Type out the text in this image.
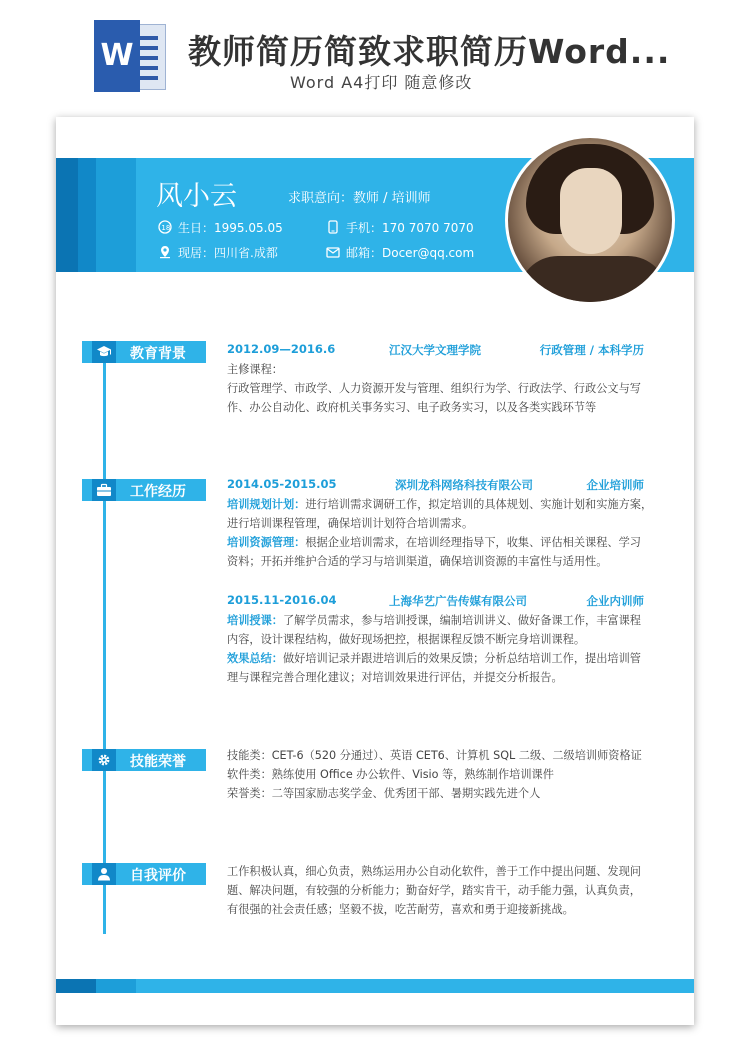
W 教师简历简致求职简历Word...
Word A4打印 随意修改
风小云	求职意向：教师 / 培训师
18 生日：1995.05.05	手机：170 7070 7070
现居：四川省.成都	邮箱：Docer@qq.com
教育背景	2012.09—2016.6	江汉大学文理学院	行政管理 / 本科学历
主修课程：
行政管理学、市政学、人力资源开发与管理、组织行为学、行政法学、行政公文与写
作、办公自动化、政府机关事务实习、电子政务实习，以及各类实践环节等
工作经历	2014.05-2015.05	深圳龙科网络科技有限公司	企业培训师
培训规划计划：进行培训需求调研工作，拟定培训的具体规划、实施计划和实施方案，
进行培训课程管理，确保培训计划符合培训需求。
培训资源管理：根据企业培训需求，在培训经理指导下，收集、评估相关课程、学习
资料；开拓并维护合适的学习与培训渠道，确保培训资源的丰富性与适用性。
2015.11-2016.04	上海华艺广告传媒有限公司	企业内训师
培训授课：了解学员需求，参与培训授课，编制培训讲义、做好备课工作，丰富课程
内容，设计课程结构，做好现场把控，根据课程反馈不断完身培训课程。
效果总结：做好培训记录并跟进培训后的效果反馈；分析总结培训工作，提出培训管
理与课程完善合理化建议；对培训效果进行评估，并提交分析报告。
技能荣誉	技能类：CET-6（520 分通过）、英语 CET6、计算机 SQL 二级、二级培训师资格证
软件类：熟练使用 Office 办公软件、Visio 等，熟练制作培训课件
荣誉类：二等国家励志奖学金、优秀团干部、暑期实践先进个人
自我评价	工作积极认真，细心负责，熟练运用办公自动化软件，善于工作中提出问题、发现问
题、解决问题，有较强的分析能力；勤奋好学，踏实肯干，动手能力强，认真负责，
有很强的社会责任感；坚毅不拔，吃苦耐劳，喜欢和勇于迎接新挑战。
